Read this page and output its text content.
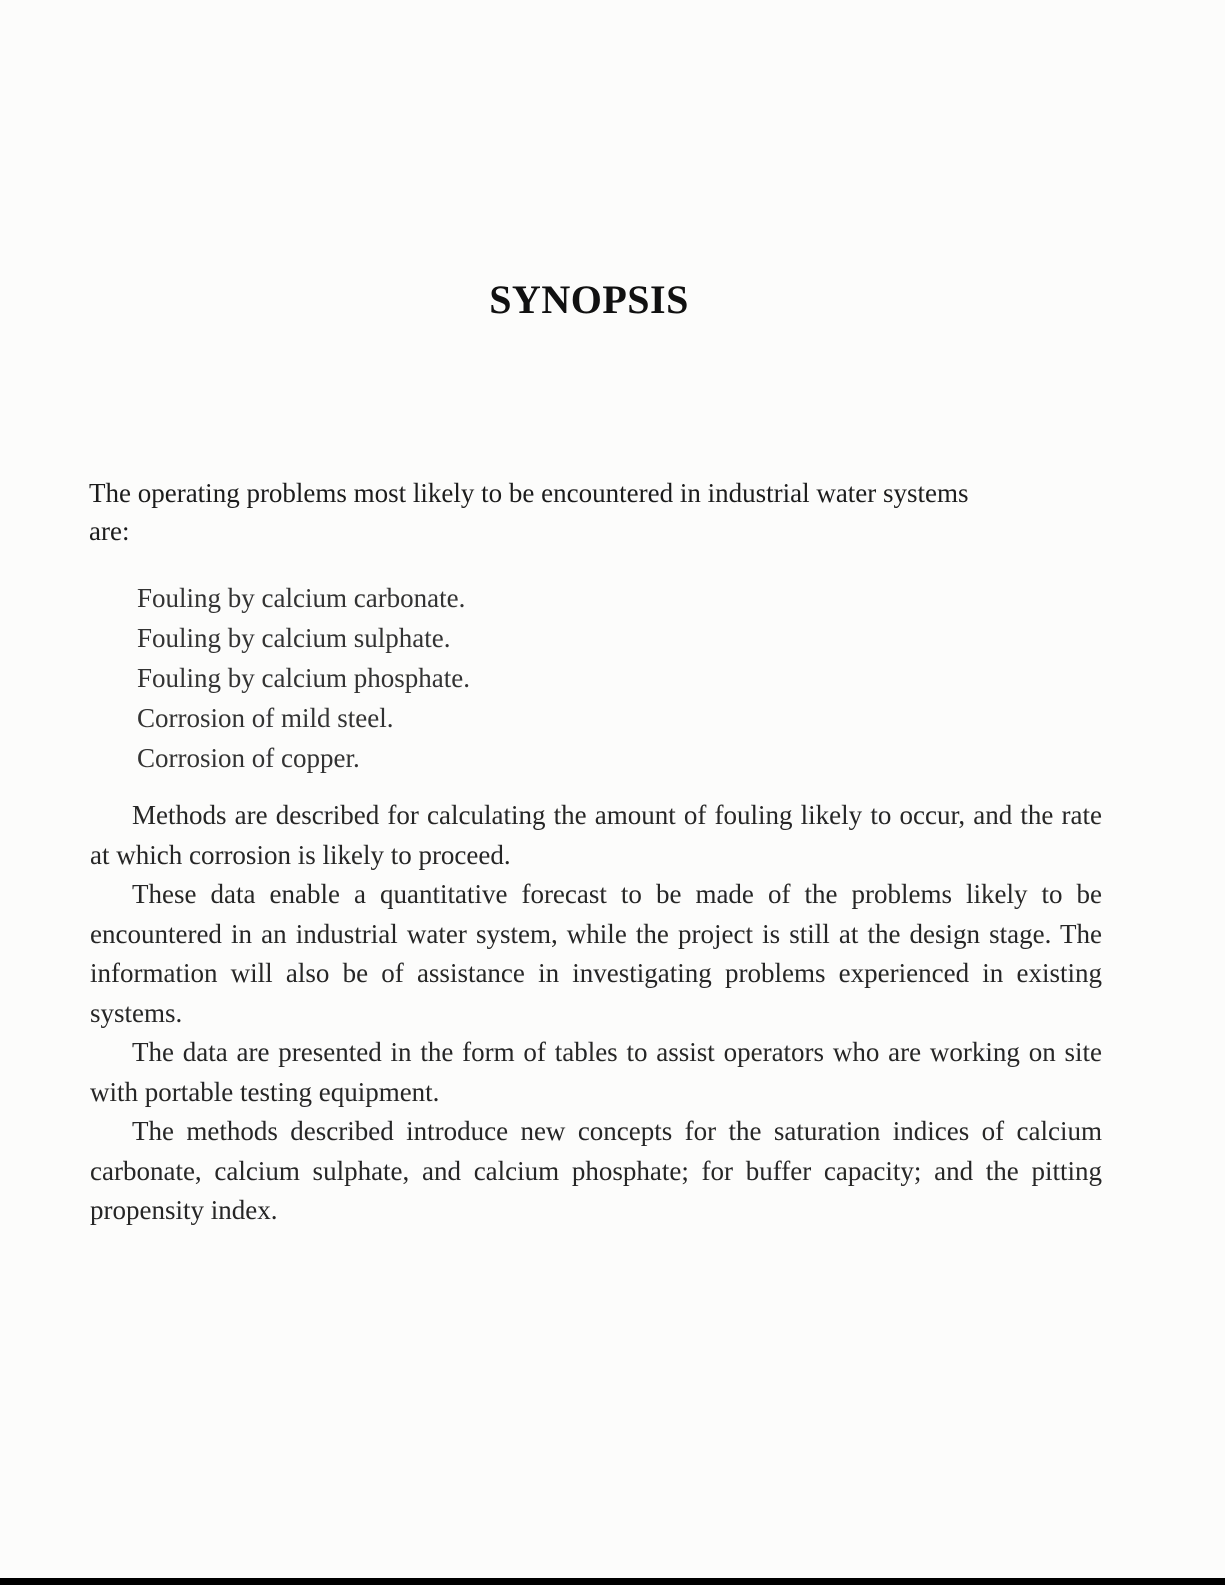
SYNOPSIS

The operating problems most likely to be encountered in industrial water systems are:

Fouling by calcium carbonate.
Fouling by calcium sulphate.
Fouling by calcium phosphate.
Corrosion of mild steel.
Corrosion of copper.

Methods are described for calculating the amount of fouling likely to occur, and the rate at which corrosion is likely to proceed.

These data enable a quantitative forecast to be made of the problems likely to be encountered in an industrial water system, while the project is still at the design stage. The information will also be of assistance in investigating problems experienced in existing systems.

The data are presented in the form of tables to assist operators who are working on site with portable testing equipment.

The methods described introduce new concepts for the saturation indices of calcium carbonate, calcium sulphate, and calcium phosphate; for buffer capacity; and the pitting propensity index.
